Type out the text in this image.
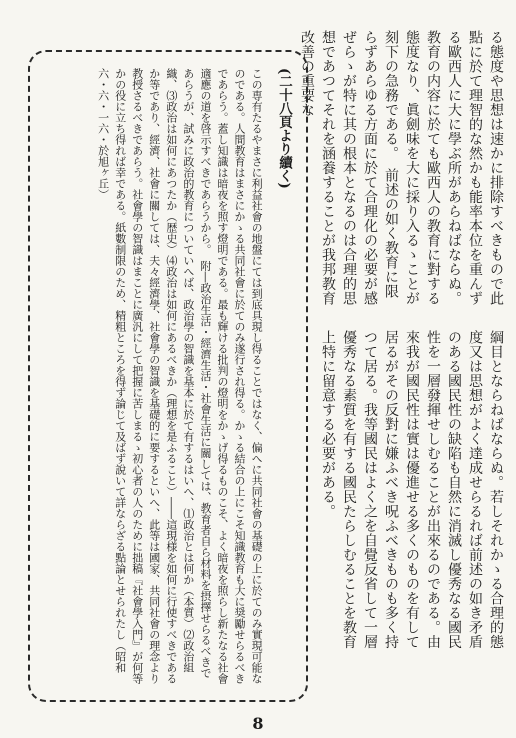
る態度や思想は速かに排除すべきもので此點に於て理智的な然かも能率本位を重んずる歐西人に大に學ぶ所があらねばならぬ。教育の内容に於ても歐西人の教育に對する態度なり、眞劍味を大に採り入るゝことが刻下の急務である。　前述の如く教育に限らずあらゆる方面に於て合理化の必要が感ぜらゝが特に其の根本となるのは合理的思想であつてそれを涵養することが我邦教育改善の重要な

綱目とならねばならぬ。若しそれかゝる合理的態度又は思想がよく達成せらるれば前述の如き矛盾のある國民性の缺陷も自然に消滅し優秀なる國民性を一層發揮せしむることが出來るのである。由來我が國民性は實は優進せる多くのものを有して居るがその反對に嫌ふべき呪ふべきものも多く持つて居る。我等國民はよく之を自覺反省して一層優秀なる素質を有する國民たらしむることを教育上特に留意する必要がある。

(二十八頁より續く)
この専有たるやまさに利益社會の地盤にては到底具現し得ることではなく、偏へに共同社會の基礎の上に於てのみ實現可能なのである。人間教育はまさにかゝる共同社會に於てのみ遂行され得る。かゝる結合の上にこそ知識教育も大に奨勵せらるべきであらう。蓋し知識は暗夜を照す燈明である。最も輝ける批判の燈明をかゝげ得るものこそ、よく暗夜を照らし新たなる社會適應の道を啓示すべきであらうから。　附―政治生活・經濟生活・社會生活に關しては、教育者自ら材料を摂擇せらるべきであらうが、試みに政治的教育についていへば、政治學の智識を基本に於て有するはいへ、⑴政治とは何か（本質）⑵政治組織、⑶政治は如何にあつたか（歴史）⑷政治は如何にあるべきか（理想を是ふること）――這現様を如何に行使すべきであるか等であり、經濟、社會に關しては、夫々經濟學、社會學の智識を基礎的に要するといへ、此等は國家、共同社會の理念より教授さるべきであらう。社會學の智識はまことに廣汎にして把握に苦しまるゝ初心者の人のために拙稿『社會學入門』が何等かの役に立ち得れば幸である。紙數制限のため、精粗ところを得ず論じて及ばず說いて詳ならざる點論とせられたし（昭和六・六・一六・於旭ヶ丘）
8
